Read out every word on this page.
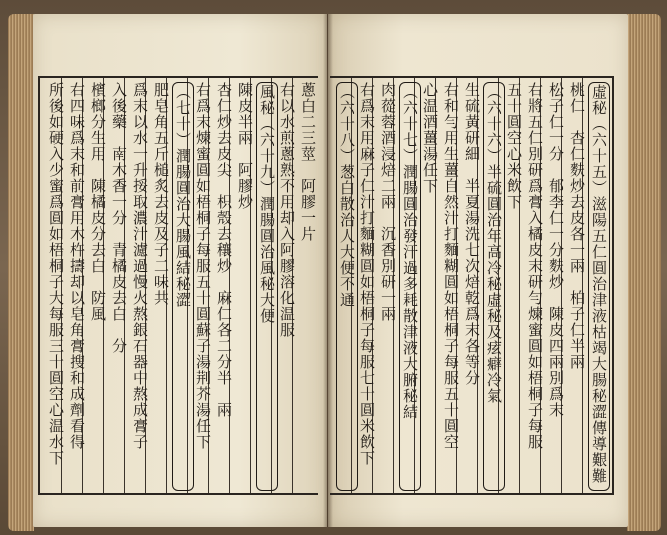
蔥白二三莖　阿膠一片
右以水煎蔥熟不用却入阿膠溶化温服
風秘（六十九）潤腸圓治風秘大便
陳皮半兩　阿膠炒
杏仁炒去皮尖　枳殼去穰炒　麻仁各二分半　兩
右爲末煉蜜圓如梧桐子每服五十圓蘇子湯荆芥湯任下
（七十）潤腸圓治大腸風結秘澀
肥皂角五斤槌炙去皮及子二味共
爲末以水一升挼取濃汁濾過慢火熬銀石器中熬成膏子
入後藥　南木香一分　青橘皮去白　分
檳榔分生用　陳橘皮分去白　防風
右四味爲末和前膏用木杵擣却以皂角膏搜和成劑看得
所後如硬入少蜜爲圓如梧桐子大每服三十圓空心温水下	虛秘（六十五）滋陽五仁圓治津液枯竭大腸秘澀傳導艱難
桃仁　杏仁麩炒去皮各一兩　柏子仁半兩
松子仁一分　郁李仁一分麩炒　陳皮四兩別爲末
右將五仁別研爲膏入橘皮末研勻煉蜜圓如梧桐子每服
五十圓空心米飲下
（六十六）半硫圓治年高冷秘虛秘及痃癖冷氣
生硫黃研細　半夏湯洗七次焙乾爲末各等分
右和勻用生薑自然汁打麵糊圓如梧桐子每服五十圓空
心温酒薑湯任下
（六十七）潤腸圓治發汗過多耗散津液大腑秘結
肉蓯蓉酒浸焙二兩　沉香別研一兩
右爲末用麻子仁汁打麵糊圓如梧桐子每服七十圓米飲下
（六十八）葱白散治人大便不通
